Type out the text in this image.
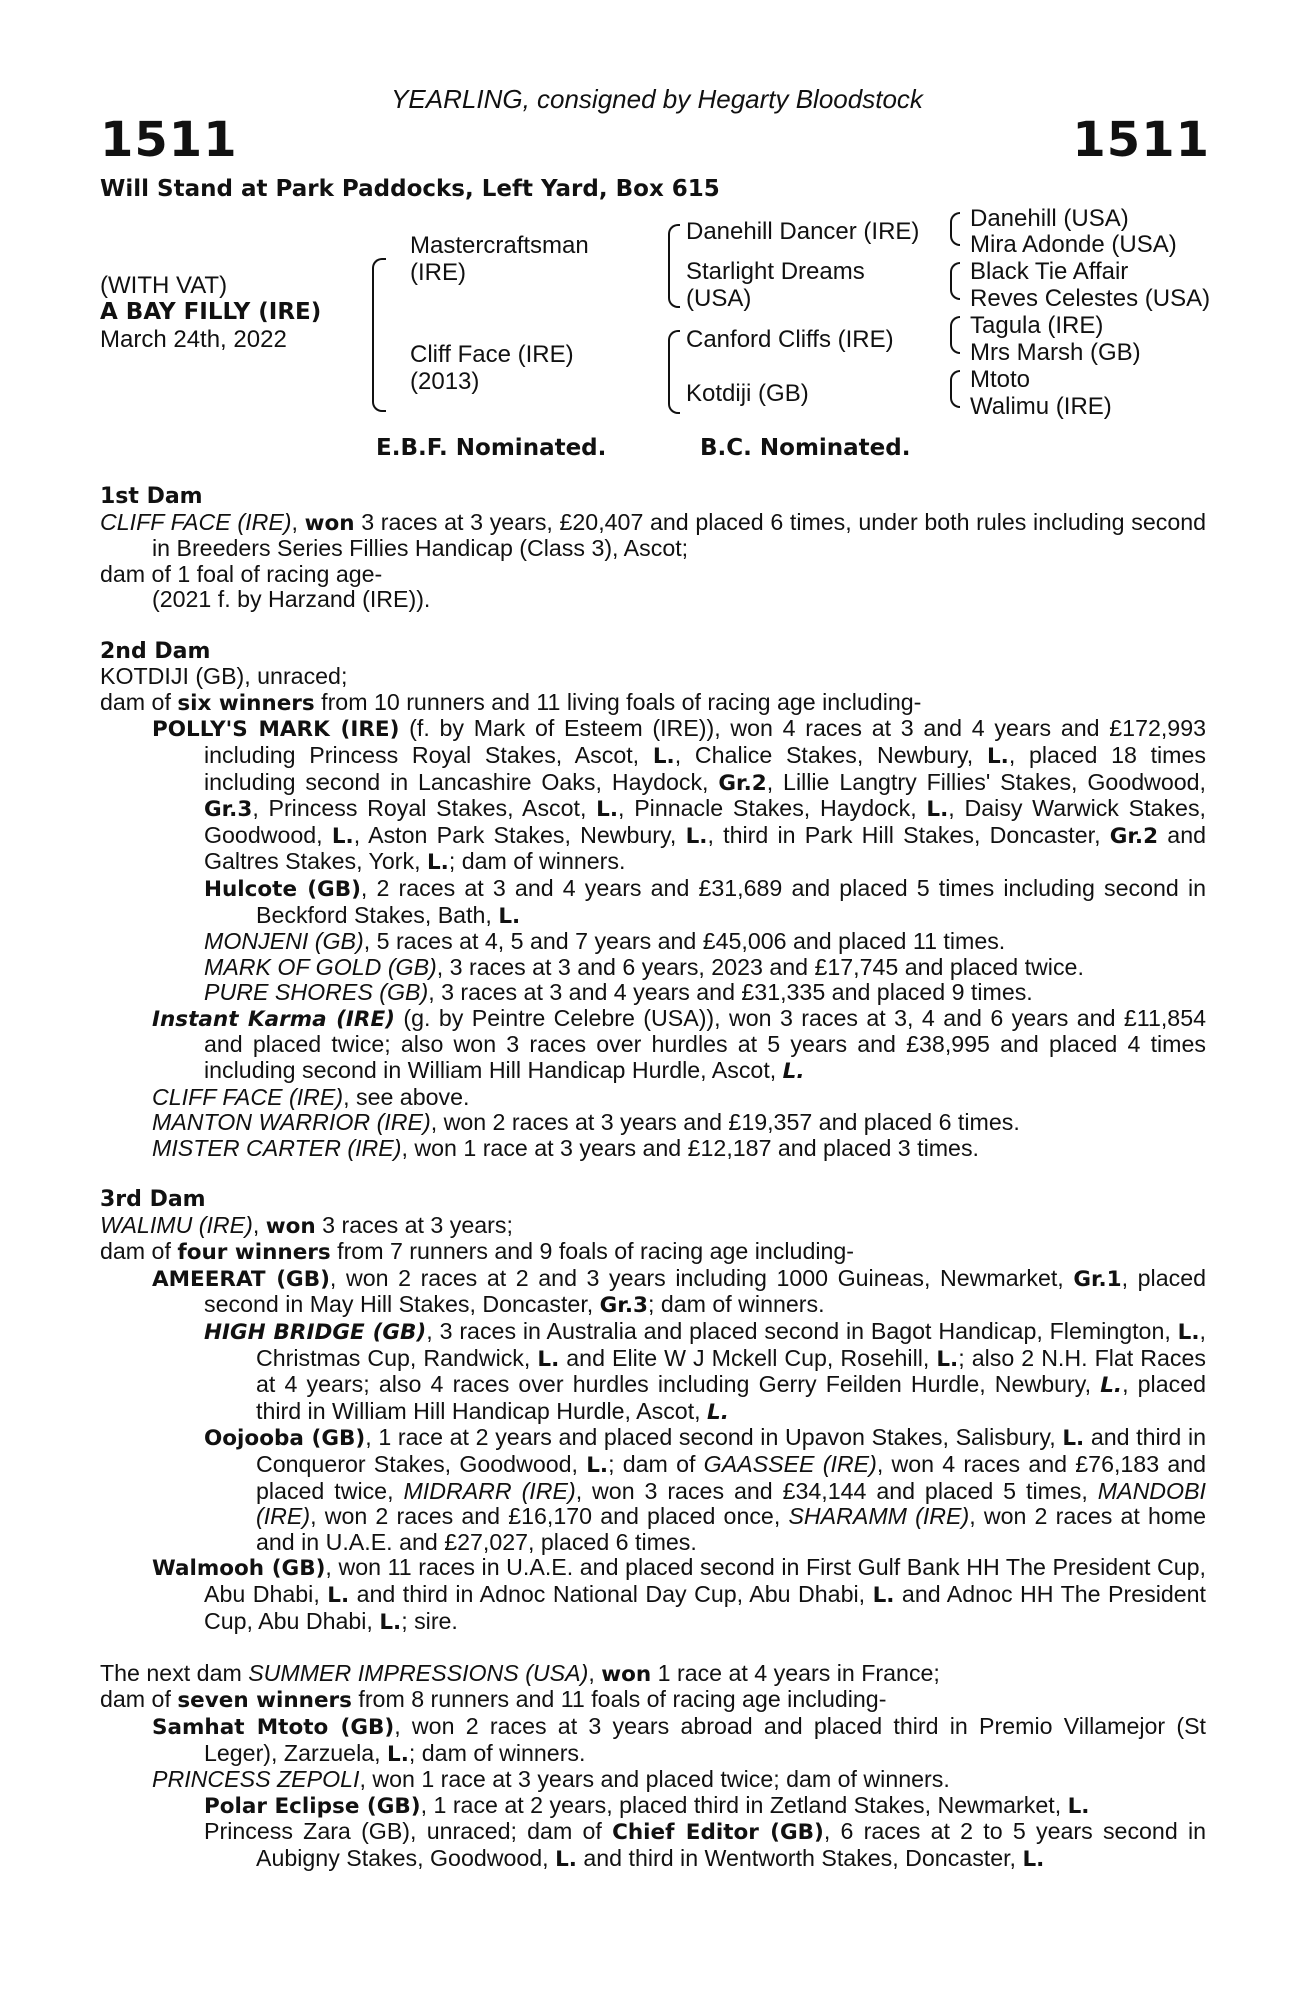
YEARLING, consigned by Hegarty Bloodstock
1511	1511
Will Stand at Park Paddocks, Left Yard, Box 615
(WITH VAT)
A BAY FILLY (IRE)
March 24th, 2022
Mastercraftsman
(IRE)
Cliff Face (IRE)
(2013)
Danehill Dancer (IRE)
Starlight Dreams
(USA)
Canford Cliffs (IRE)
Kotdiji (GB)
Danehill (USA)
Mira Adonde (USA)
Black Tie Affair
Reves Celestes (USA)
Tagula (IRE)
Mrs Marsh (GB)
Mtoto
Walimu (IRE)
E.B.F. Nominated.	B.C. Nominated.
1st Dam
CLIFF FACE (IRE), won 3 races at 3 years, £20,407 and placed 6 times, under both rules including second in Breeders Series Fillies Handicap (Class 3), Ascot;
dam of 1 foal of racing age-
(2021 f. by Harzand (IRE)).
2nd Dam
KOTDIJI (GB), unraced;
dam of six winners from 10 runners and 11 living foals of racing age including-
POLLY'S MARK (IRE) (f. by Mark of Esteem (IRE)), won 4 races at 3 and 4 years and £172,993 including Princess Royal Stakes, Ascot, L., Chalice Stakes, Newbury, L., placed 18 times including second in Lancashire Oaks, Haydock, Gr.2, Lillie Langtry Fillies' Stakes, Goodwood, Gr.3, Princess Royal Stakes, Ascot, L., Pinnacle Stakes, Haydock, L., Daisy Warwick Stakes, Goodwood, L., Aston Park Stakes, Newbury, L., third in Park Hill Stakes, Doncaster, Gr.2 and Galtres Stakes, York, L.; dam of winners.
Hulcote (GB), 2 races at 3 and 4 years and £31,689 and placed 5 times including second in Beckford Stakes, Bath, L.
MONJENI (GB), 5 races at 4, 5 and 7 years and £45,006 and placed 11 times.
MARK OF GOLD (GB), 3 races at 3 and 6 years, 2023 and £17,745 and placed twice.
PURE SHORES (GB), 3 races at 3 and 4 years and £31,335 and placed 9 times.
Instant Karma (IRE) (g. by Peintre Celebre (USA)), won 3 races at 3, 4 and 6 years and £11,854 and placed twice; also won 3 races over hurdles at 5 years and £38,995 and placed 4 times including second in William Hill Handicap Hurdle, Ascot, L.
CLIFF FACE (IRE), see above.
MANTON WARRIOR (IRE), won 2 races at 3 years and £19,357 and placed 6 times.
MISTER CARTER (IRE), won 1 race at 3 years and £12,187 and placed 3 times.
3rd Dam
WALIMU (IRE), won 3 races at 3 years;
dam of four winners from 7 runners and 9 foals of racing age including-
AMEERAT (GB), won 2 races at 2 and 3 years including 1000 Guineas, Newmarket, Gr.1, placed second in May Hill Stakes, Doncaster, Gr.3; dam of winners.
HIGH BRIDGE (GB), 3 races in Australia and placed second in Bagot Handicap, Flemington, L., Christmas Cup, Randwick, L. and Elite W J Mckell Cup, Rosehill, L.; also 2 N.H. Flat Races at 4 years; also 4 races over hurdles including Gerry Feilden Hurdle, Newbury, L., placed third in William Hill Handicap Hurdle, Ascot, L.
Oojooba (GB), 1 race at 2 years and placed second in Upavon Stakes, Salisbury, L. and third in Conqueror Stakes, Goodwood, L.; dam of GAASSEE (IRE), won 4 races and £76,183 and placed twice, MIDRARR (IRE), won 3 races and £34,144 and placed 5 times, MANDOBI (IRE), won 2 races and £16,170 and placed once, SHARAMM (IRE), won 2 races at home and in U.A.E. and £27,027, placed 6 times.
Walmooh (GB), won 11 races in U.A.E. and placed second in First Gulf Bank HH The President Cup, Abu Dhabi, L. and third in Adnoc National Day Cup, Abu Dhabi, L. and Adnoc HH The President Cup, Abu Dhabi, L.; sire.
The next dam SUMMER IMPRESSIONS (USA), won 1 race at 4 years in France;
dam of seven winners from 8 runners and 11 foals of racing age including-
Samhat Mtoto (GB), won 2 races at 3 years abroad and placed third in Premio Villamejor (St Leger), Zarzuela, L.; dam of winners.
PRINCESS ZEPOLI, won 1 race at 3 years and placed twice; dam of winners.
Polar Eclipse (GB), 1 race at 2 years, placed third in Zetland Stakes, Newmarket, L.
Princess Zara (GB), unraced; dam of Chief Editor (GB), 6 races at 2 to 5 years second in Aubigny Stakes, Goodwood, L. and third in Wentworth Stakes, Doncaster, L.
